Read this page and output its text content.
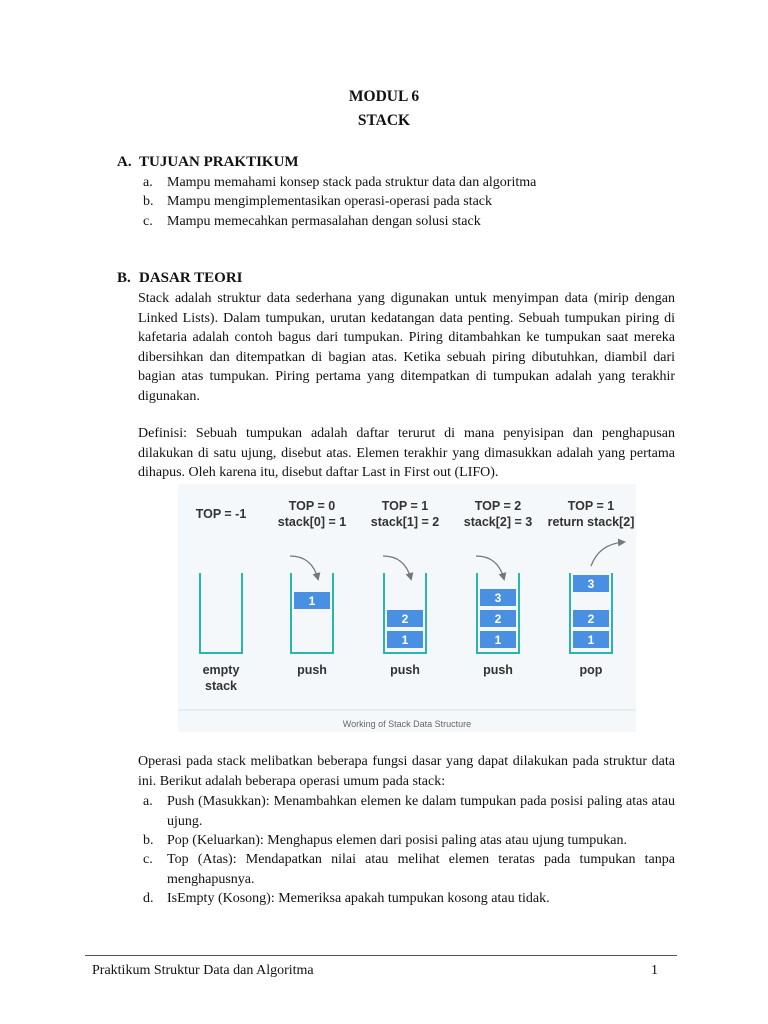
MODUL 6
STACK
A. TUJUAN PRAKTIKUM
a. Mampu memahami konsep stack pada struktur data dan algoritma
b. Mampu mengimplementasikan operasi-operasi pada stack
c. Mampu memecahkan permasalahan dengan solusi stack
B. DASAR TEORI
Stack adalah struktur data sederhana yang digunakan untuk menyimpan data (mirip dengan Linked Lists). Dalam tumpukan, urutan kedatangan data penting. Sebuah tumpukan piring di kafetaria adalah contoh bagus dari tumpukan. Piring ditambahkan ke tumpukan saat mereka dibersihkan dan ditempatkan di bagian atas. Ketika sebuah piring dibutuhkan, diambil dari bagian atas tumpukan. Piring pertama yang ditempatkan di tumpukan adalah yang terakhir digunakan.
Definisi: Sebuah tumpukan adalah daftar terurut di mana penyisipan dan penghapusan dilakukan di satu ujung, disebut atas. Elemen terakhir yang dimasukkan adalah yang pertama dihapus. Oleh karena itu, disebut daftar Last in First out (LIFO).
TOP = -1
empty
stack
TOP = 0
stack[0] = 1
1
push
TOP = 1
stack[1] = 2
1
2
push
TOP = 2
stack[2] = 3
1
2
3
push
TOP = 1
return stack[2]
1
2
3
pop
Working of Stack Data Structure
Operasi pada stack melibatkan beberapa fungsi dasar yang dapat dilakukan pada struktur data ini. Berikut adalah beberapa operasi umum pada stack:
a. Push (Masukkan): Menambahkan elemen ke dalam tumpukan pada posisi paling atas atau ujung.
b. Pop (Keluarkan): Menghapus elemen dari posisi paling atas atau ujung tumpukan.
c. Top (Atas): Mendapatkan nilai atau melihat elemen teratas pada tumpukan tanpa menghapusnya.
d. IsEmpty (Kosong): Memeriksa apakah tumpukan kosong atau tidak.
Praktikum Struktur Data dan Algoritma	1
